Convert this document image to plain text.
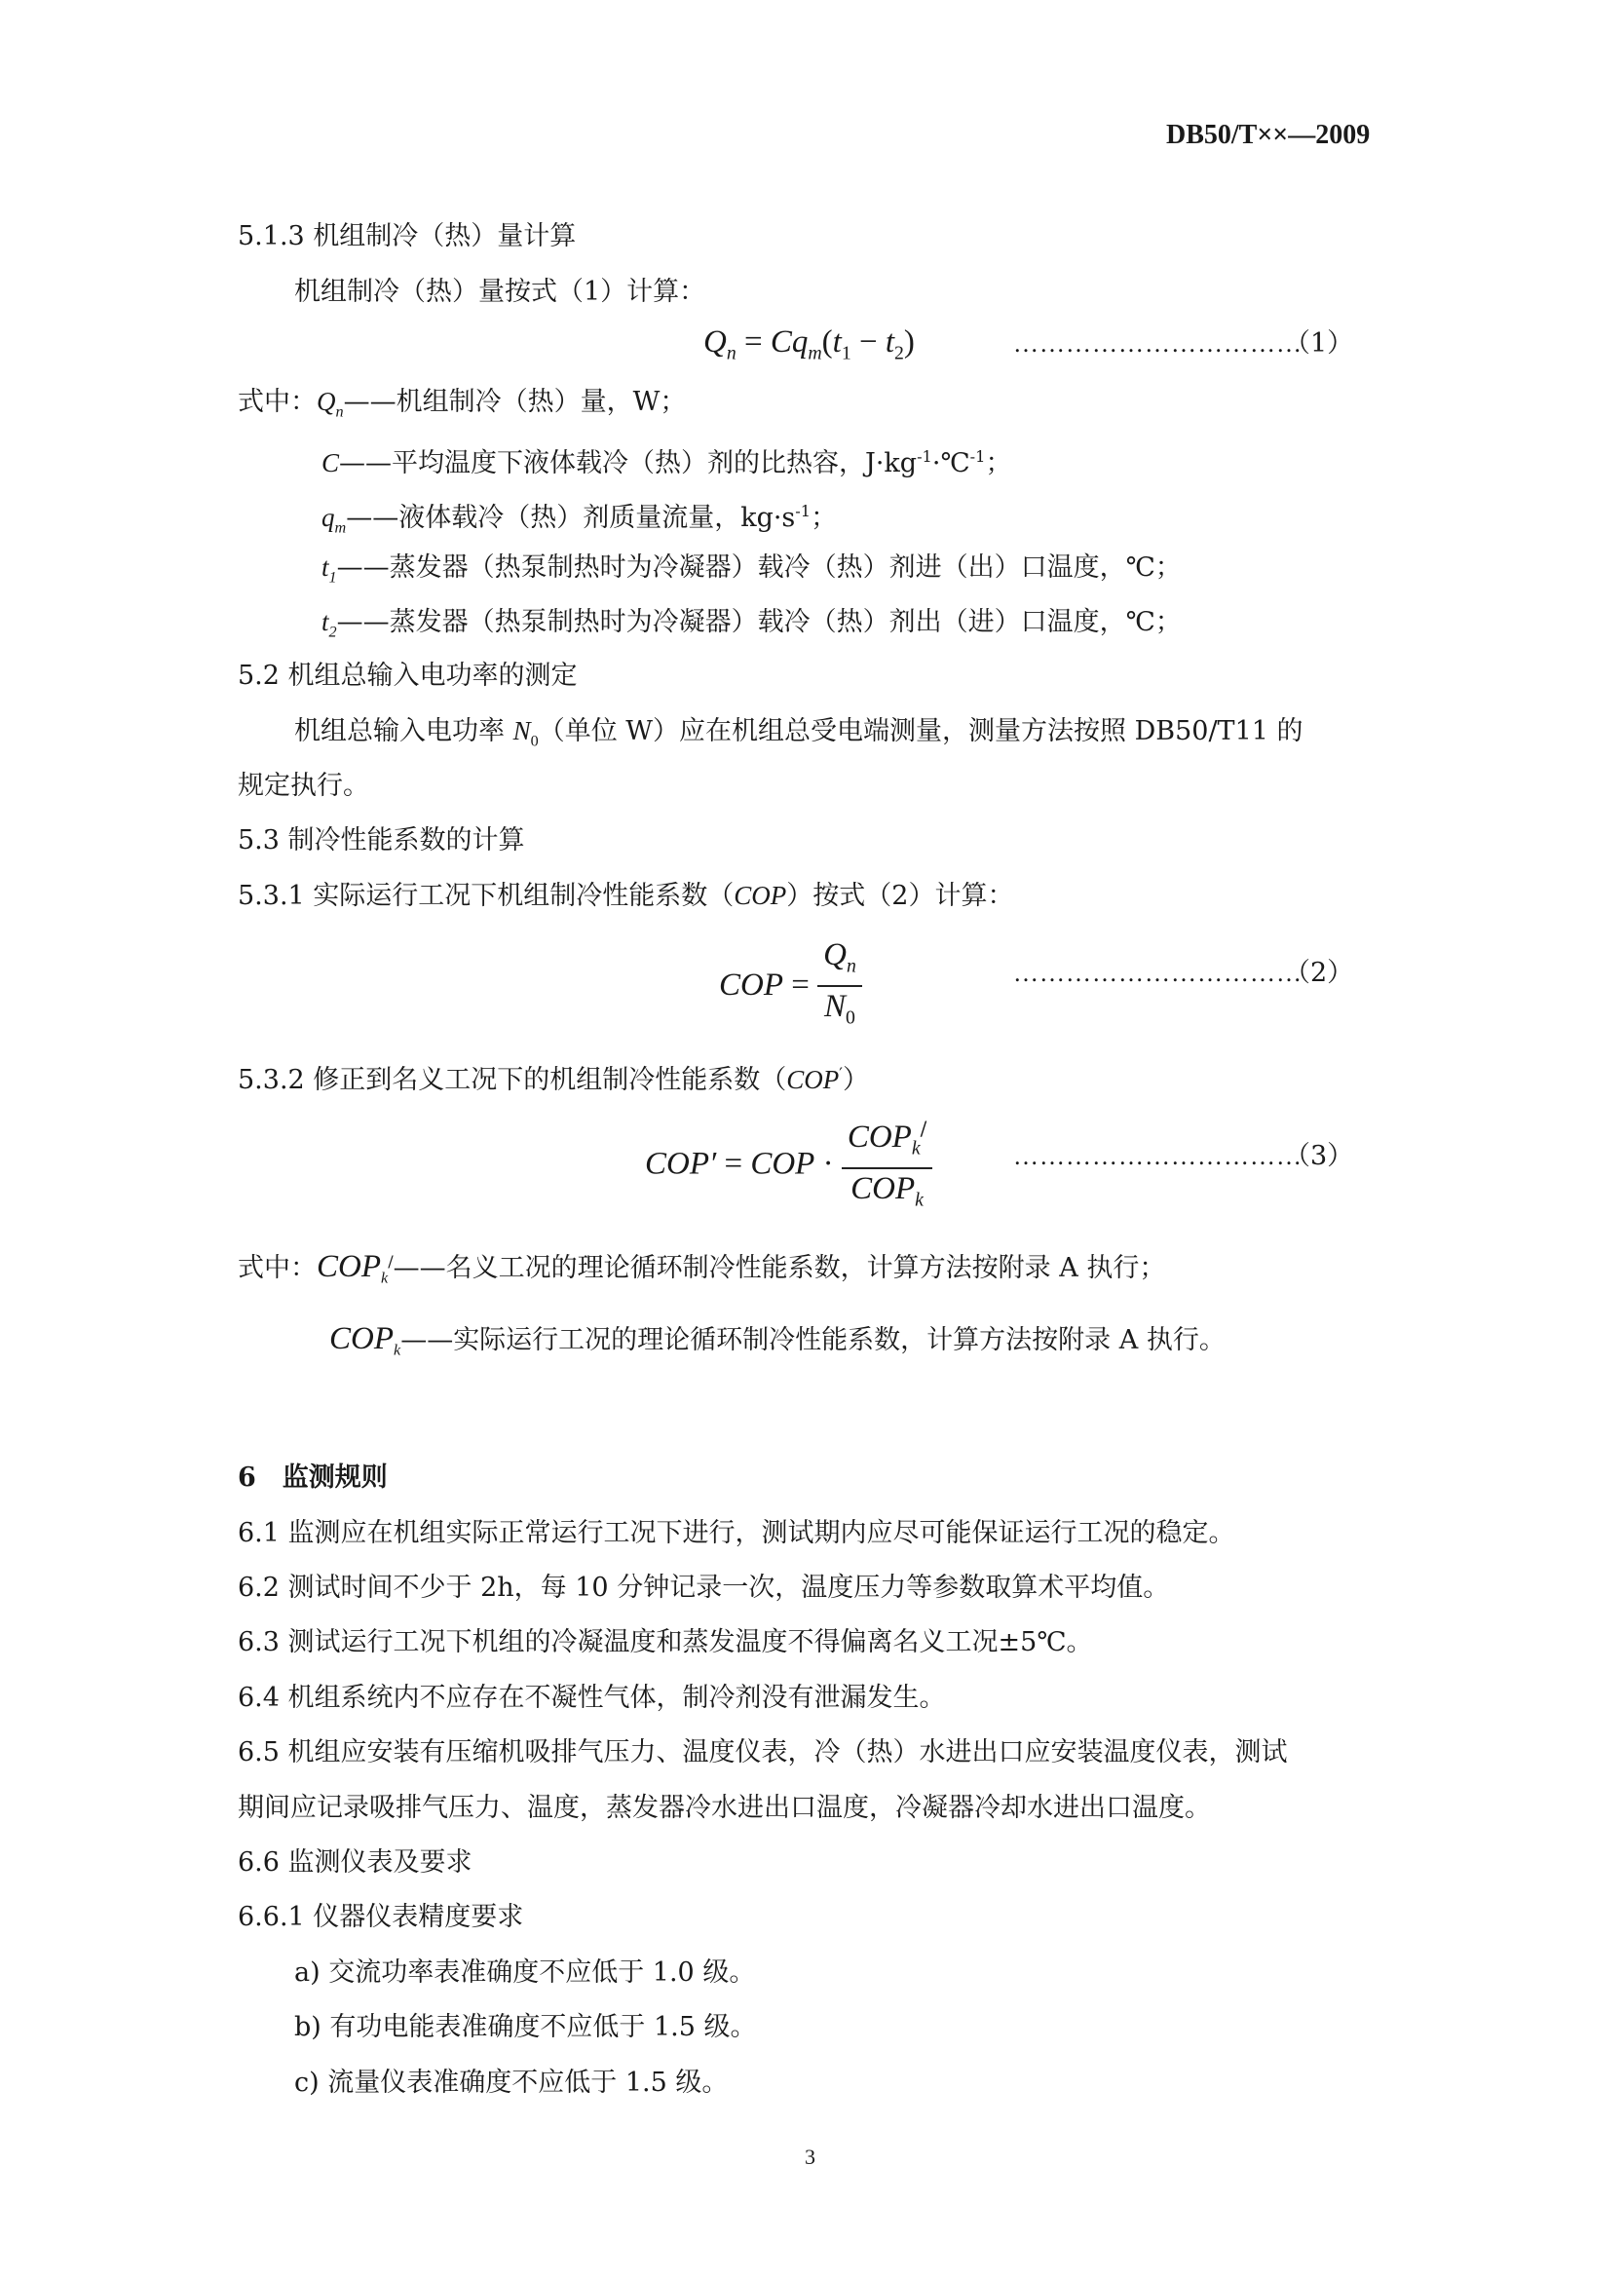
DB50/T××—2009
5.1.3 机组制冷（热）量计算
机组制冷（热）量按式（1）计算：
$Q_n = Cq_m(t_1 - t_2)$	……………………………
（1）
式中：$Q_n——$机组制冷（热）量，W；
C——平均温度下液体载冷（热）剂的比热容，$J\cdot kg^{-1}\cdot℃^{-1}$；
$q_m——$液体载冷（热）剂质量流量，$kg\cdot s^{-1}$；
$t_1——$蒸发器（热泵制热时为冷凝器）载冷（热）剂进（出）口温度，℃；
$t_2——$蒸发器（热泵制热时为冷凝器）载冷（热）剂出（进）口温度，℃；
5.2 机组总输入电功率的测定
机组总输入电功率 $N_0$（单位 W）应在机组总受电端测量，测量方法按照 DB50/T11 的
规定执行。
5.3 制冷性能系数的计算
5.3.1 实际运行工况下机组制冷性能系数（COP）按式（2）计算：
COP = $\frac{Q_n}{N_0}$	……………………………
（2）
5.3.2 修正到名义工况下的机组制冷性能系数（COP′）
COP′ = COP · $\frac{COP_k^/}{COP_k}$	……………………………
（3）
式中：$COP_k^/——$名义工况的理论循环制冷性能系数，计算方法按附录 A 执行；
$COP_k——$实际运行工况的理论循环制冷性能系数，计算方法按附录 A 执行。
6　监测规则
6.1 监测应在机组实际正常运行工况下进行，测试期内应尽可能保证运行工况的稳定。
6.2 测试时间不少于 2h，每 10 分钟记录一次，温度压力等参数取算术平均值。
6.3 测试运行工况下机组的冷凝温度和蒸发温度不得偏离名义工况±5℃。
6.4 机组系统内不应存在不凝性气体，制冷剂没有泄漏发生。
6.5 机组应安装有压缩机吸排气压力、温度仪表，冷（热）水进出口应安装温度仪表，测试
期间应记录吸排气压力、温度，蒸发器冷水进出口温度，冷凝器冷却水进出口温度。
6.6 监测仪表及要求
6.6.1 仪器仪表精度要求
a) 交流功率表准确度不应低于 1.0 级。
b) 有功电能表准确度不应低于 1.5 级。
c) 流量仪表准确度不应低于 1.5 级。
3
